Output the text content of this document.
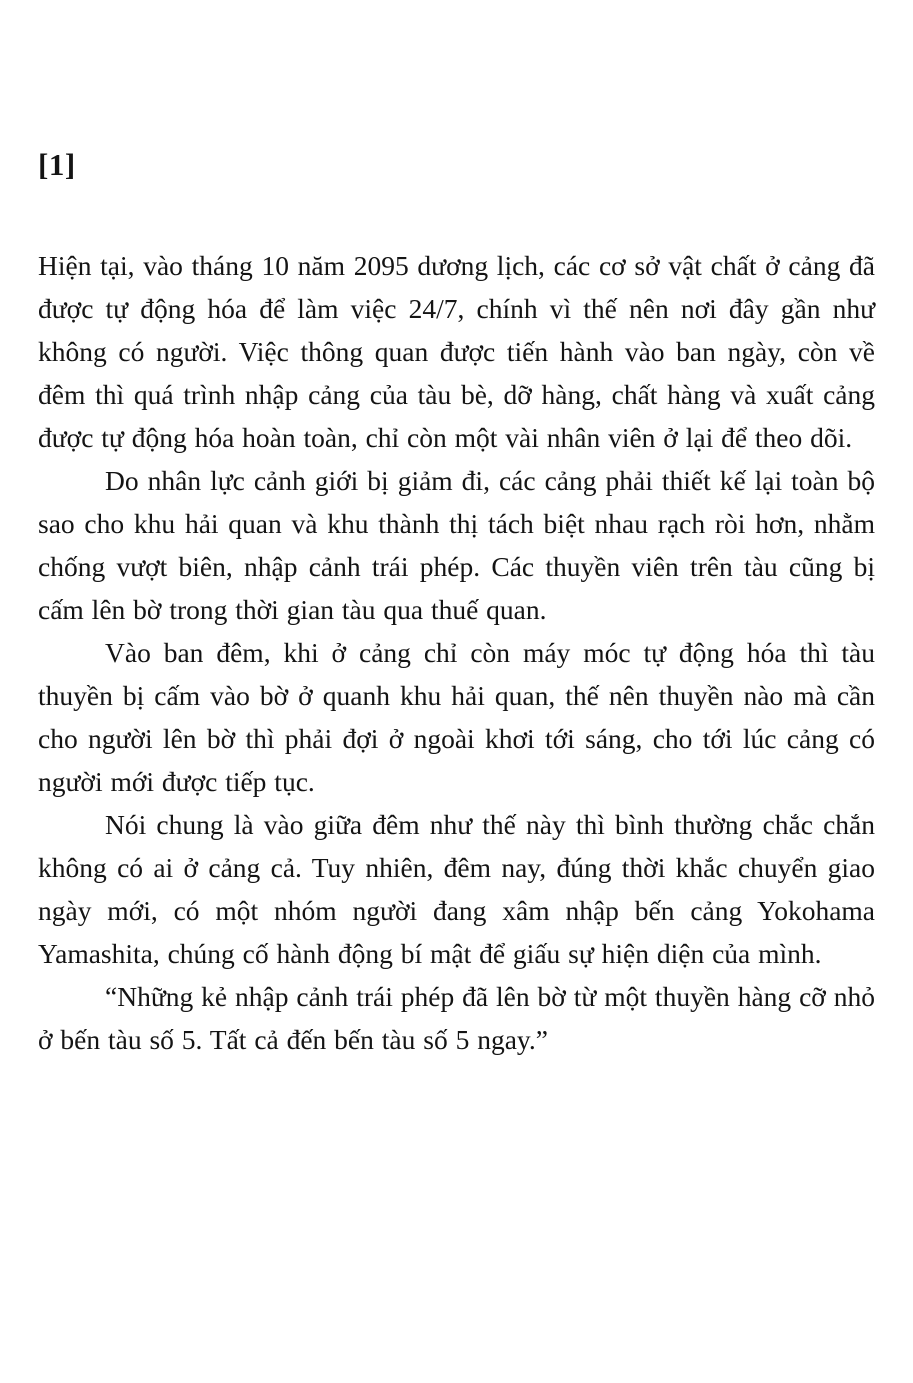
[1]

Hiện tại, vào tháng 10 năm 2095 dương lịch, các cơ sở vật chất ở cảng đã được tự động hóa để làm việc 24/7, chính vì thế nên nơi đây gần như không có người. Việc thông quan được tiến hành vào ban ngày, còn về đêm thì quá trình nhập cảng của tàu bè, dỡ hàng, chất hàng và xuất cảng được tự động hóa hoàn toàn, chỉ còn một vài nhân viên ở lại để theo dõi.

Do nhân lực cảnh giới bị giảm đi, các cảng phải thiết kế lại toàn bộ sao cho khu hải quan và khu thành thị tách biệt nhau rạch ròi hơn, nhằm chống vượt biên, nhập cảnh trái phép. Các thuyền viên trên tàu cũng bị cấm lên bờ trong thời gian tàu qua thuế quan.

Vào ban đêm, khi ở cảng chỉ còn máy móc tự động hóa thì tàu thuyền bị cấm vào bờ ở quanh khu hải quan, thế nên thuyền nào mà cần cho người lên bờ thì phải đợi ở ngoài khơi tới sáng, cho tới lúc cảng có người mới được tiếp tục.

Nói chung là vào giữa đêm như thế này thì bình thường chắc chắn không có ai ở cảng cả. Tuy nhiên, đêm nay, đúng thời khắc chuyển giao ngày mới, có một nhóm người đang xâm nhập bến cảng Yokohama Yamashita, chúng cố hành động bí mật để giấu sự hiện diện của mình.

“Những kẻ nhập cảnh trái phép đã lên bờ từ một thuyền hàng cỡ nhỏ ở bến tàu số 5. Tất cả đến bến tàu số 5 ngay.”
